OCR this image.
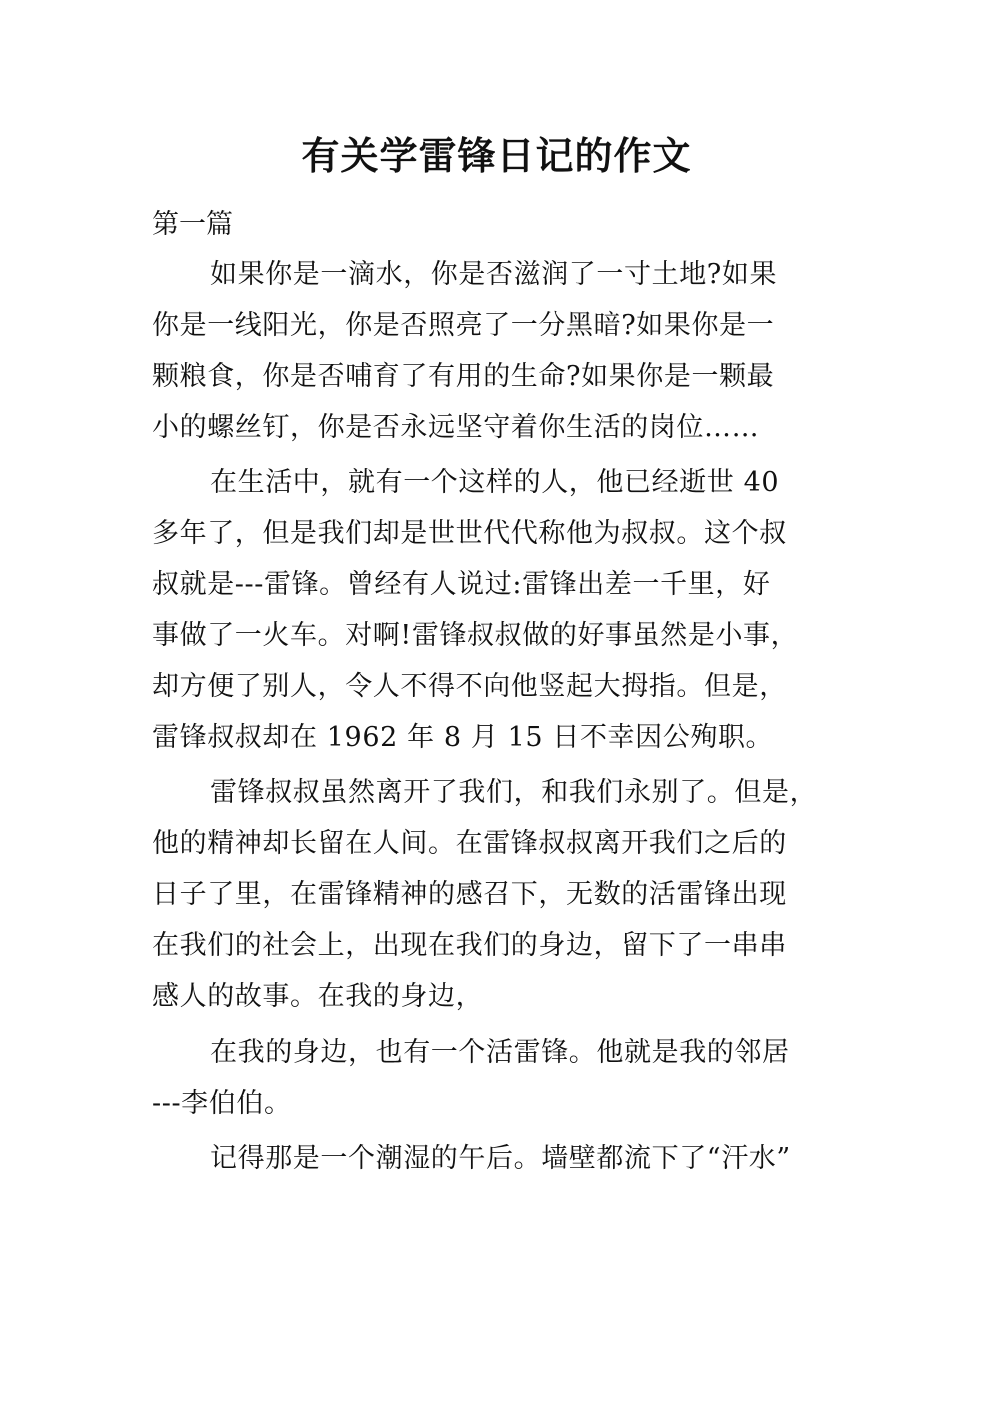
有关学雷锋日记的作文
第一篇
如果你是一滴水，你是否滋润了一寸土地?如果
你是一线阳光，你是否照亮了一分黑暗?如果你是一
颗粮食，你是否哺育了有用的生命?如果你是一颗最
小的螺丝钉，你是否永远坚守着你生活的岗位……
在生活中，就有一个这样的人，他已经逝世 40
多年了，但是我们却是世世代代称他为叔叔。这个叔
叔就是---雷锋。曾经有人说过:雷锋出差一千里，好
事做了一火车。对啊!雷锋叔叔做的好事虽然是小事，
却方便了别人，令人不得不向他竖起大拇指。但是，
雷锋叔叔却在 1962 年 8 月 15 日不幸因公殉职。
雷锋叔叔虽然离开了我们，和我们永别了。但是，
他的精神却长留在人间。在雷锋叔叔离开我们之后的
日子了里，在雷锋精神的感召下，无数的活雷锋出现
在我们的社会上，出现在我们的身边，留下了一串串
感人的故事。在我的身边，
在我的身边，也有一个活雷锋。他就是我的邻居
---李伯伯。
记得那是一个潮湿的午后。墙壁都流下了“汗水”
